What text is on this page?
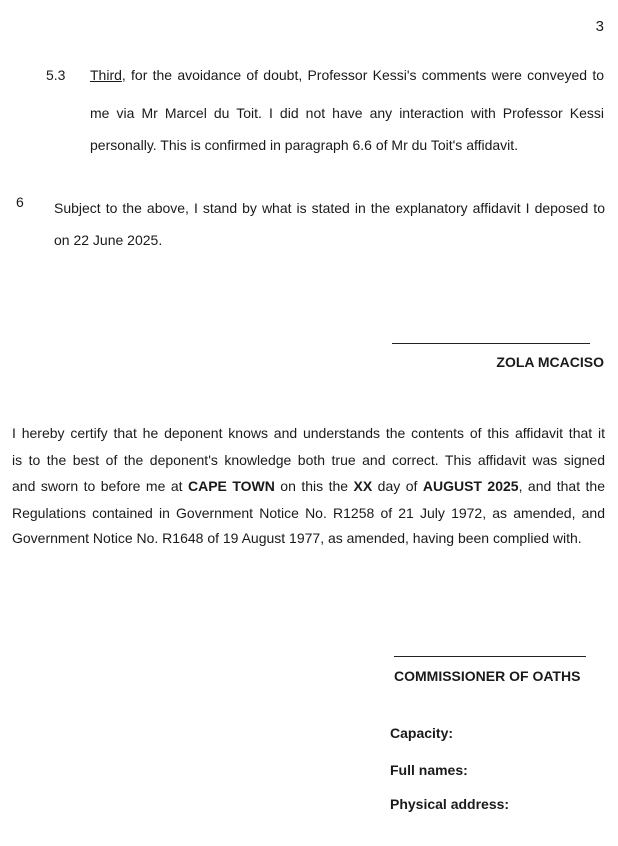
3
5.3 Third, for the avoidance of doubt, Professor Kessi's comments were conveyed to
me via Mr Marcel du Toit. I did not have any interaction with Professor Kessi
personally. This is confirmed in paragraph 6.6 of Mr du Toit's affidavit.
6 Subject to the above, I stand by what is stated in the explanatory affidavit I deposed to
on 22 June 2025.
ZOLA MCACISO
I hereby certify that he deponent knows and understands the contents of this affidavit that it
is to the best of the deponent's knowledge both true and correct. This affidavit was signed
and sworn to before me at CAPE TOWN on this the XX day of AUGUST 2025, and that the
Regulations contained in Government Notice No. R1258 of 21 July 1972, as amended, and
Government Notice No. R1648 of 19 August 1977, as amended, having been complied with.
COMMISSIONER OF OATHS
Capacity:
Full names:
Physical address:
